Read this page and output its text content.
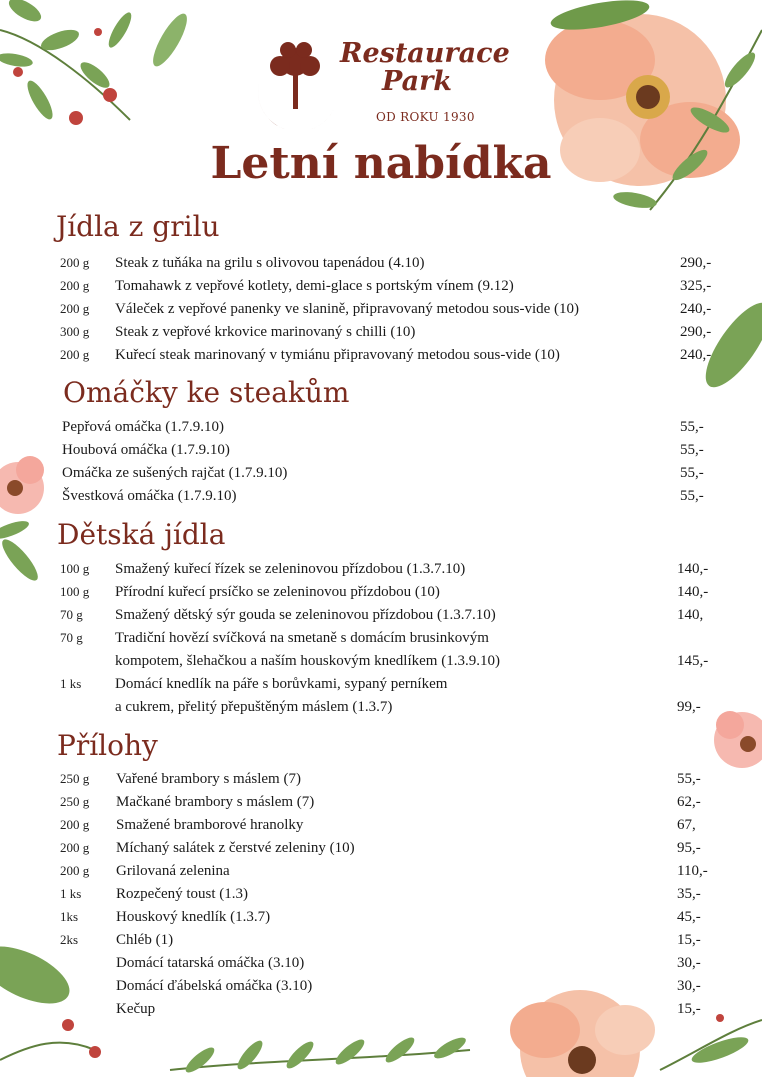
Restaurace
Park
OD ROKU 1930
Letní nabídka
Jídla z grilu
200 g Steak z tuňáka na grilu s olivovou tapenádou (4.10)	290,-
200 g Tomahawk z vepřové kotlety, demi-glace s portským vínem (9.12)	325,-
200 g Váleček z vepřové panenky ve slanině, připravovaný metodou sous-vide (10)	240,-
300 g Steak z vepřové krkovice marinovaný s chilli (10)	290,-
200 g Kuřecí steak marinovaný v tymiánu připravovaný metodou sous-vide (10)	240,-
Omáčky ke steakům
Pepřová omáčka (1.7.9.10)	55,-
Houbová omáčka (1.7.9.10)	55,-
Omáčka ze sušených rajčat (1.7.9.10)	55,-
Švestková omáčka (1.7.9.10)	55,-
Dětská jídla
100 g Smažený kuřecí řízek se zeleninovou přízdobou (1.3.7.10)	140,-
100 g Přírodní kuřecí prsíčko se zeleninovou přízdobou (10)	140,-
70 g Smažený dětský sýr gouda se zeleninovou přízdobou (1.3.7.10)	140,
70 g Tradiční hovězí svíčková na smetaně s domácím brusinkovým
kompotem, šlehačkou a naším houskovým knedlíkem (1.3.9.10)	145,-
1 ks Domácí knedlík na páře s borůvkami, sypaný perníkem
a cukrem, přelitý přepuštěným máslem (1.3.7)	99,-
Přílohy
250 g Vařené brambory s máslem (7)	55,-
250 g Mačkané brambory s máslem (7)	62,-
200 g Smažené bramborové hranolky	67,
200 g Míchaný salátek z čerstvé zeleniny (10)	95,-
200 g Grilovaná zelenina	110,-
1 ks Rozpečený toust (1.3)	35,-
1ks	Houskový knedlík (1.3.7)	45,-
2ks	Chléb (1)	15,-
Domácí tatarská omáčka (3.10)	30,-
Domácí ďábelská omáčka (3.10)	30,-
Kečup	15,-
